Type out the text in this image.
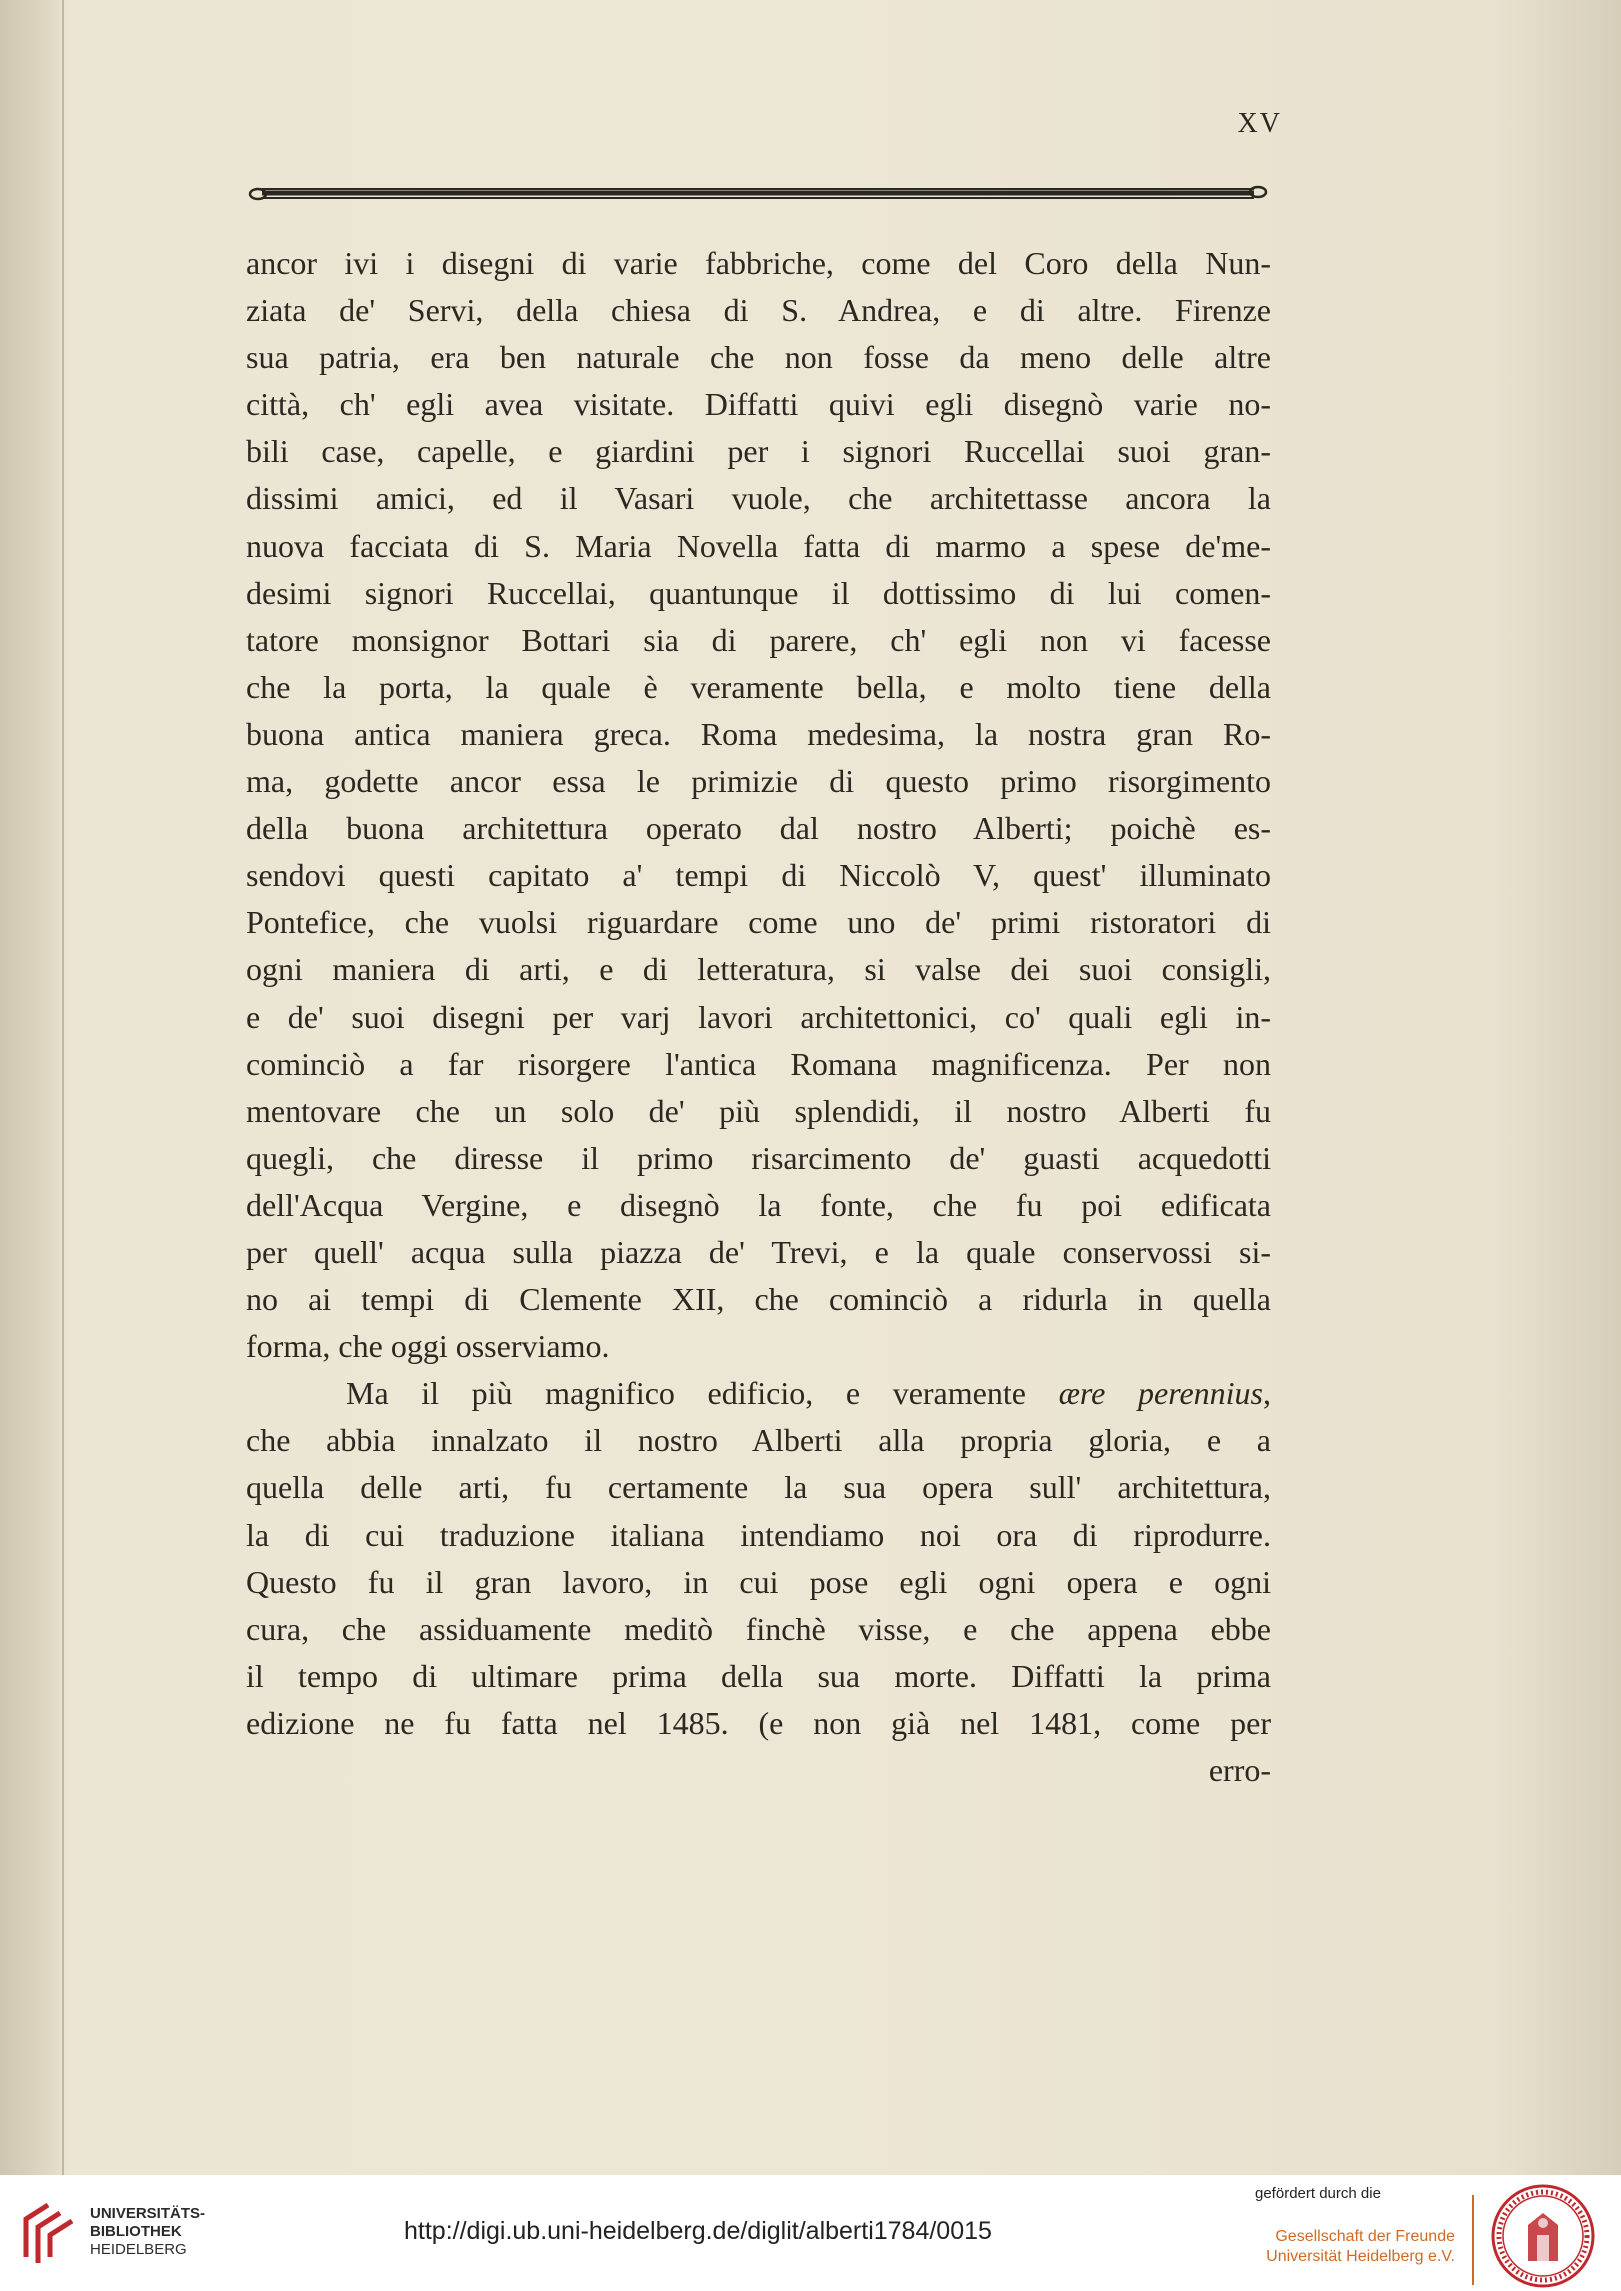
XV
ancor ivi i disegni di varie fabbriche, come del Coro della Nun-
ziata de' Servi, della chiesa di S. Andrea, e di altre. Firenze
sua patria, era ben naturale che non fosse da meno delle altre
città, ch' egli avea visitate. Diffatti quivi egli disegnò varie no-
bili case, capelle, e giardini per i signori Ruccellai suoi gran-
dissimi amici, ed il Vasari vuole, che architettasse ancora la
nuova facciata di S. Maria Novella fatta di marmo a spese de'me-
desimi signori Ruccellai, quantunque il dottissimo di lui comen-
tatore monsignor Bottari sia di parere, ch' egli non vi facesse
che la porta, la quale è veramente bella, e molto tiene della
buona antica maniera greca. Roma medesima, la nostra gran Ro-
ma, godette ancor essa le primizie di questo primo risorgimento
della buona architettura operato dal nostro Alberti; poichè es-
sendovi questi capitato a' tempi di Niccolò V, quest' illuminato
Pontefice, che vuolsi riguardare come uno de' primi ristoratori di
ogni maniera di arti, e di letteratura, si valse dei suoi consigli,
e de' suoi disegni per varj lavori architettonici, co' quali egli in-
cominciò a far risorgere l'antica Romana magnificenza. Per non
mentovare che un solo de' più splendidi, il nostro Alberti fu
quegli, che diresse il primo risarcimento de' guasti acquedotti
dell'Acqua Vergine, e disegnò la fonte, che fu poi edificata
per quell' acqua sulla piazza de' Trevi, e la quale conservossi si-
no ai tempi di Clemente XII, che cominciò a ridurla in quella
forma, che oggi osserviamo.
Ma il più magnifico edificio, e veramente ære perennius,
che abbia innalzato il nostro Alberti alla propria gloria, e a
quella delle arti, fu certamente la sua opera sull' architettura,
la di cui traduzione italiana intendiamo noi ora di riprodurre.
Questo fu il gran lavoro, in cui pose egli ogni opera e ogni
cura, che assiduamente meditò finchè visse, e che appena ebbe
il tempo di ultimare prima della sua morte. Diffatti la prima
edizione ne fu fatta nel 1485. (e non già nel 1481, come per
erro-
UNIVERSITÄTS-
BIBLIOTHEK
HEIDELBERG
http://digi.ub.uni-heidelberg.de/diglit/alberti1784/0015
gefördert durch die
Gesellschaft der Freunde
Universität Heidelberg e.V.
